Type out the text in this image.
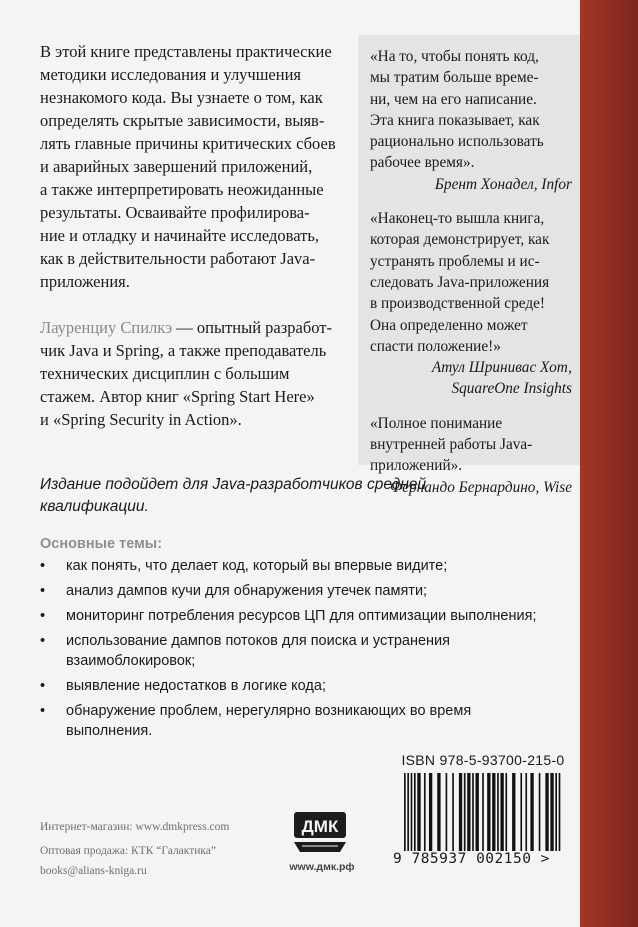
В этой книге представлены практические
методики исследования и улучшения
незнакомого кода. Вы узнаете о том, как
определять скрытые зависимости, выяв-
лять главные причины критических сбоев
и аварийных завершений приложений,
а также интерпретировать неожиданные
результаты. Осваивайте профилирова-
ние и отладку и начинайте исследовать,
как в действительности работают Java-
приложения.
Лауренциу Спилкэ — опытный разработ-
чик Java и Spring, а также преподаватель
технических дисциплин с большим
стажем. Автор книг «Spring Start Here»
и «Spring Security in Action».
«На то, чтобы понять код,
мы тратим больше време-
ни, чем на его написание.
Эта книга показывает, как
рационально использовать
рабочее время».
Брент Хонадел, Infor
«Наконец-то вышла книга,
которая демонстрирует, как
устранять проблемы и ис-
следовать Java-приложения
в производственной среде!
Она определенно может
спасти положение!»
Атул Шринивас Хот,
SquareOne Insights
«Полное понимание
внутренней работы Java-
приложений».
Фернандо Бернардино, Wise
Издание подойдет для Java-разработчиков средней
квалификации.
Основные темы:
• как понять, что делает код, который вы впервые видите;
• анализ дампов кучи для обнаружения утечек памяти;
• мониторинг потребления ресурсов ЦП для оптимизации выполнения;
• использование дампов потоков для поиска и устранения взаимоблокировок;
• выявление недостатков в логике кода;
• обнаружение проблем, нерегулярно возникающих во время выполнения.
ISBN 978-5-93700-215-0
9 785937 002150 >
Интернет-магазин: www.dmkpress.com
Оптовая продажа: КТК “Галактика”
books@alians-kniga.ru
ДМК
www.дмк.рф
